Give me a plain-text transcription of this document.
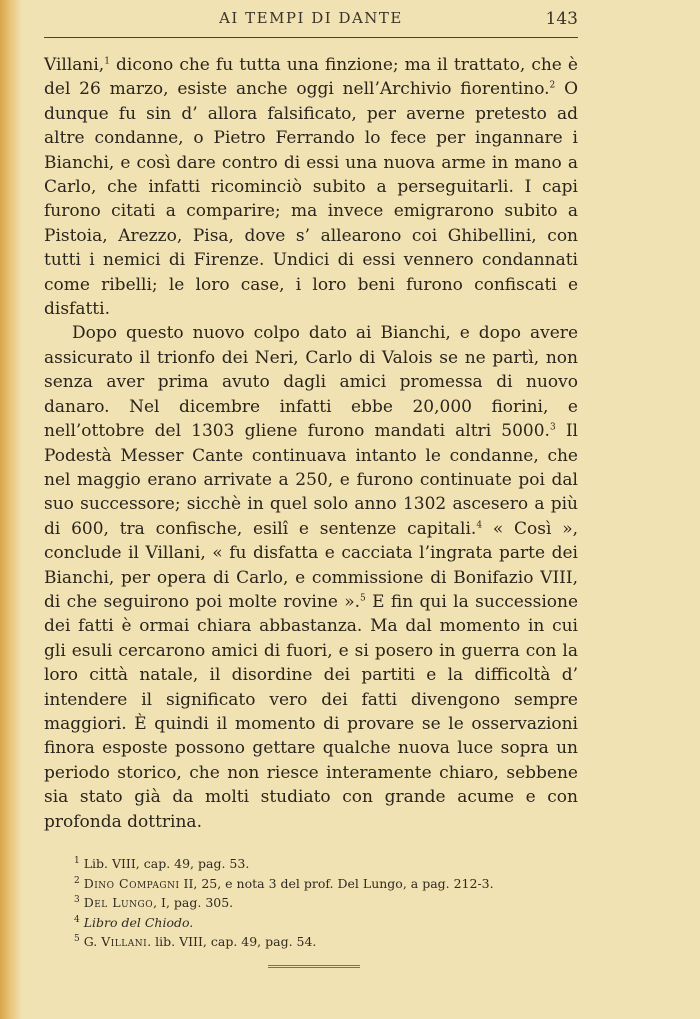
AI TEMPI DI DANTE	143

Villani,$^1$ dicono che fu tutta una finzione; ma il trattato, che è del 26 marzo, esiste anche oggi nell’Archivio fiorentino.$^2$ O dunque fu sin d’ allora falsificato, per averne pretesto ad altre condanne, o Pietro Ferrando lo fece per ingannare i Bianchi, e così dare contro di essi una nuova arme in mano a Carlo, che infatti ricominciò subito a perseguitarli. I capi furono citati a comparire; ma invece emigrarono subito a Pistoia, Arezzo, Pisa, dove s’ allearono coi Ghibellini, con tutti i nemici di Firenze. Undici di essi vennero condannati come ribelli; le loro case, i loro beni furono confiscati e disfatti.

Dopo questo nuovo colpo dato ai Bianchi, e dopo avere assicurato il trionfo dei Neri, Carlo di Valois se ne partì, non senza aver prima avuto dagli amici promessa di nuovo danaro. Nel dicembre infatti ebbe 20,000 fiorini, e nell’ottobre del 1303 gliene furono mandati altri 5000.$^3$ Il Podestà Messer Cante continuava intanto le condanne, che nel maggio erano arrivate a 250, e furono continuate poi dal suo successore; sicchè in quel solo anno 1302 ascesero a più di 600, tra confische, esilî e sentenze capitali.$^4$ « Così », conclude il Villani, « fu disfatta e cacciata l’ingrata parte dei Bianchi, per opera di Carlo, e commissione di Bonifazio VIII, di che seguirono poi molte rovine ».$^5$ E fin qui la successione dei fatti è ormai chiara abbastanza. Ma dal momento in cui gli esuli cercarono amici di fuori, e si posero in guerra con la loro città natale, il disordine dei partiti e la difficoltà d’ intendere il significato vero dei fatti divengono sempre maggiori. È quindi il momento di provare se le osservazioni finora esposte possono gettare qualche nuova luce sopra un periodo storico, che non riesce interamente chiaro, sebbene sia stato già da molti studiato con grande acume e con profonda dottrina.

$^1$ Lib. VIII, cap. 49, pag. 53.
$^2$ Dino Compagni II, 25, e nota 3 del prof. Del Lungo, a pag. 212-3.
$^3$ Del Lungo, I, pag. 305.
$^4$ Libro del Chiodo.
$^5$ G. Villani. lib. VIII, cap. 49, pag. 54.
